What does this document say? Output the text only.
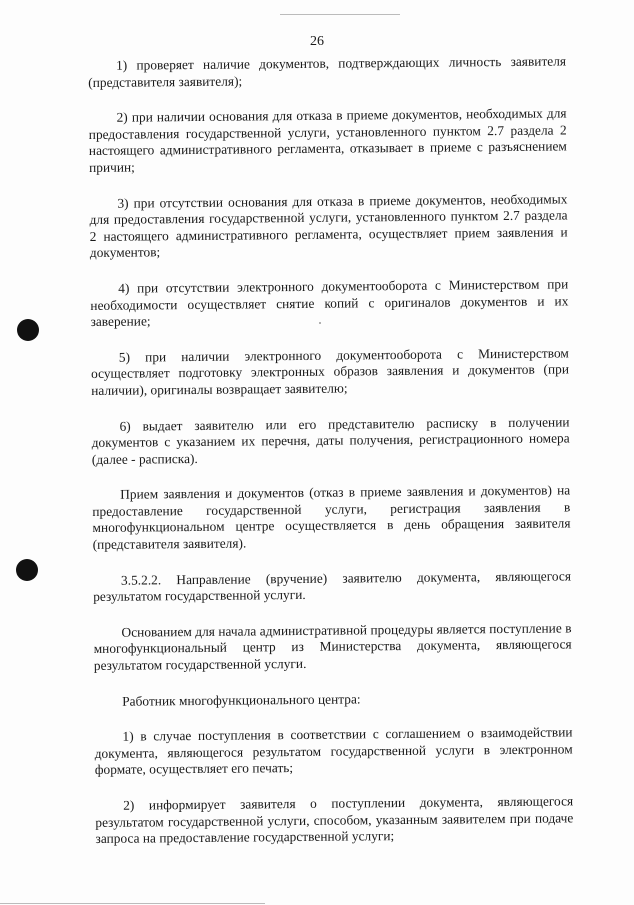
26

1) проверяет наличие документов, подтверждающих личность заявителя (представителя заявителя);

2) при наличии основания для отказа в приеме документов, необходимых для предоставления государственной услуги, установленного пунктом 2.7 раздела 2 настоящего административного регламента, отказывает в приеме с разъяснением причин;

3) при отсутствии основания для отказа в приеме документов, необходимых для предоставления государственной услуги, установленного пунктом 2.7 раздела 2 настоящего административного регламента, осуществляет прием заявления и документов;

4) при отсутствии электронного документооборота с Министерством при необходимости осуществляет снятие копий с оригиналов документов и их заверение;

5) при наличии электронного документооборота с Министерством осуществляет подготовку электронных образов заявления и документов (при наличии), оригиналы возвращает заявителю;

6) выдает заявителю или его представителю расписку в получении документов с указанием их перечня, даты получения, регистрационного номера (далее - расписка).

Прием заявления и документов (отказ в приеме заявления и документов) на предоставление государственной услуги, регистрация заявления в многофункциональном центре осуществляется в день обращения заявителя (представителя заявителя).

3.5.2.2. Направление (вручение) заявителю документа, являющегося результатом государственной услуги.

Основанием для начала административной процедуры является поступление в многофункциональный центр из Министерства документа, являющегося результатом государственной услуги.

Работник многофункционального центра:

1) в случае поступления в соответствии с соглашением о взаимодействии документа, являющегося результатом государственной услуги в электронном формате, осуществляет его печать;

2) информирует заявителя о поступлении документа, являющегося результатом государственной услуги, способом, указанным заявителем при подаче запроса на предоставление государственной услуги;
